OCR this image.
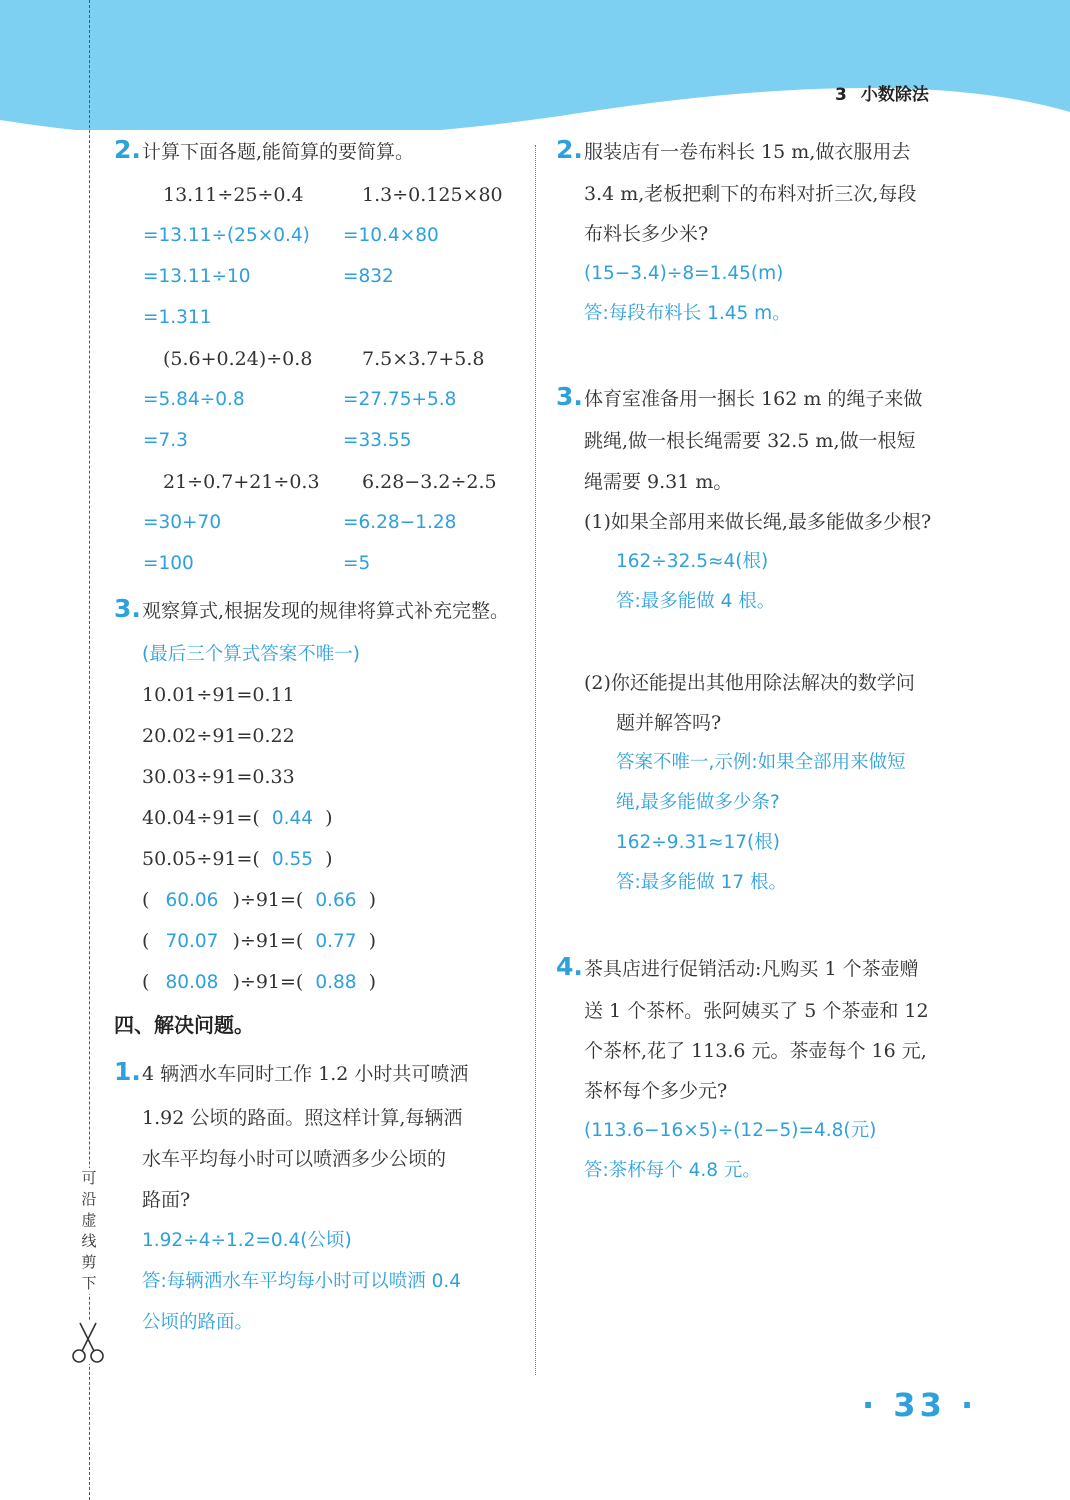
3 小数除法
可
沿
虚
线
剪
下
2. 计算下面各题,能简算的要简算。
13.11÷25÷0.4	1.3÷0.125×80
=13.11÷(25×0.4) =10.4×80
=13.11÷10	=832
=1.311
(5.6+0.24)÷0.8	7.5×3.7+5.8
=5.84÷0.8	=27.75+5.8
=7.3	=33.55
21÷0.7+21÷0.3 6.28−3.2÷2.5
=30+70	=6.28−1.28
=100	=5
3. 观察算式,根据发现的规律将算式补充完整。
(最后三个算式答案不唯一)
10.01÷91=0.11
20.02÷91=0.22
30.03÷91=0.33
40.04÷91=( 0.44 )
50.05÷91=( 0.55 )
( 60.06 )÷91=( 0.66 )
( 70.07 )÷91=( 0.77 )
( 80.08 )÷91=( 0.88 )
四、解决问题。
1. 4 辆洒水车同时工作 1.2 小时共可喷洒
1.92 公顷的路面。照这样计算,每辆洒
水车平均每小时可以喷洒多少公顷的
路面?
1.92÷4÷1.2=0.4(公顷)
答:每辆洒水车平均每小时可以喷洒 0.4
公顷的路面。
2. 服装店有一卷布料长 15 m,做衣服用去
3.4 m,老板把剩下的布料对折三次,每段
布料长多少米?
(15−3.4)÷8=1.45(m)
答:每段布料长 1.45 m。
3. 体育室准备用一捆长 162 m 的绳子来做
跳绳,做一根长绳需要 32.5 m,做一根短
绳需要 9.31 m。
(1)如果全部用来做长绳,最多能做多少根?
162÷32.5≈4(根)
答:最多能做 4 根。
(2)你还能提出其他用除法解决的数学问
题并解答吗?
答案不唯一,示例:如果全部用来做短
绳,最多能做多少条?
162÷9.31≈17(根)
答:最多能做 17 根。
4. 茶具店进行促销活动:凡购买 1 个茶壶赠
送 1 个茶杯。张阿姨买了 5 个茶壶和 12
个茶杯,花了 113.6 元。茶壶每个 16 元,
茶杯每个多少元?
(113.6−16×5)÷(12−5)=4.8(元)
答:茶杯每个 4.8 元。
· 33 ·
